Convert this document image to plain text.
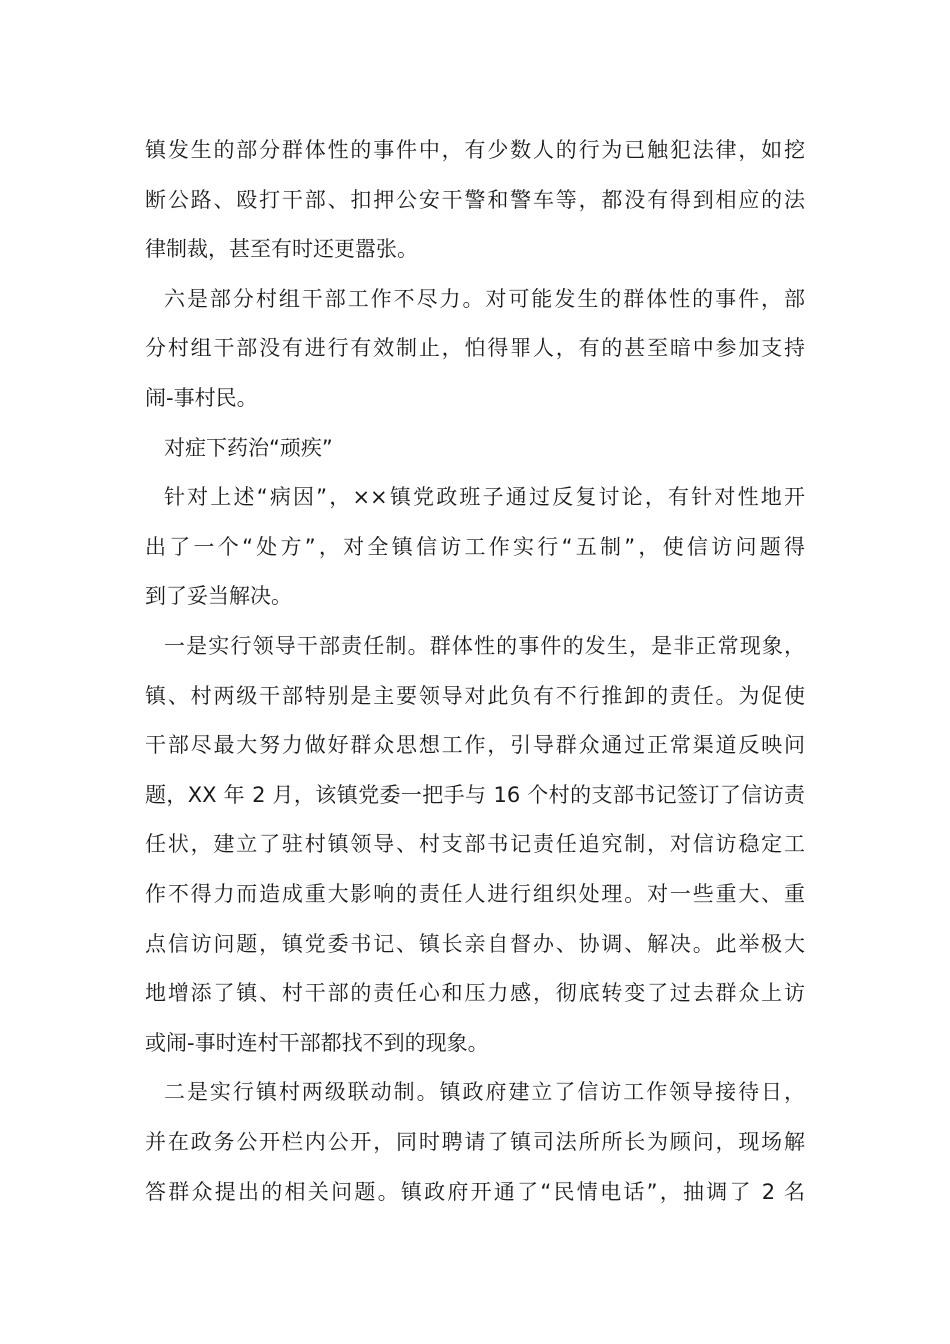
镇发生的部分群体性的事件中，有少数人的行为已触犯法律，如挖
断公路、殴打干部、扣押公安干警和警车等，都没有得到相应的法
律制裁，甚至有时还更嚣张。
六是部分村组干部工作不尽力。对可能发生的群体性的事件，部
分村组干部没有进行有效制止，怕得罪人，有的甚至暗中参加支持
闹-事村民。
对症下药治“顽疾”
针对上述“病因”，××镇党政班子通过反复讨论，有针对性地开
出了一个“处方”，对全镇信访工作实行“五制”，使信访问题得
到了妥当解决。
一是实行领导干部责任制。群体性的事件的发生，是非正常现象，
镇、村两级干部特别是主要领导对此负有不行推卸的责任。为促使
干部尽最大努力做好群众思想工作，引导群众通过正常渠道反映问
题，XX 年 2 月，该镇党委一把手与 16 个村的支部书记签订了信访责
任状，建立了驻村镇领导、村支部书记责任追究制，对信访稳定工
作不得力而造成重大影响的责任人进行组织处理。对一些重大、重
点信访问题，镇党委书记、镇长亲自督办、协调、解决。此举极大
地增添了镇、村干部的责任心和压力感，彻底转变了过去群众上访
或闹-事时连村干部都找不到的现象。
二是实行镇村两级联动制。镇政府建立了信访工作领导接待日，
并在政务公开栏内公开，同时聘请了镇司法所所长为顾问，现场解
答群众提出的相关问题。镇政府开通了“民情电话”，抽调了 2 名
